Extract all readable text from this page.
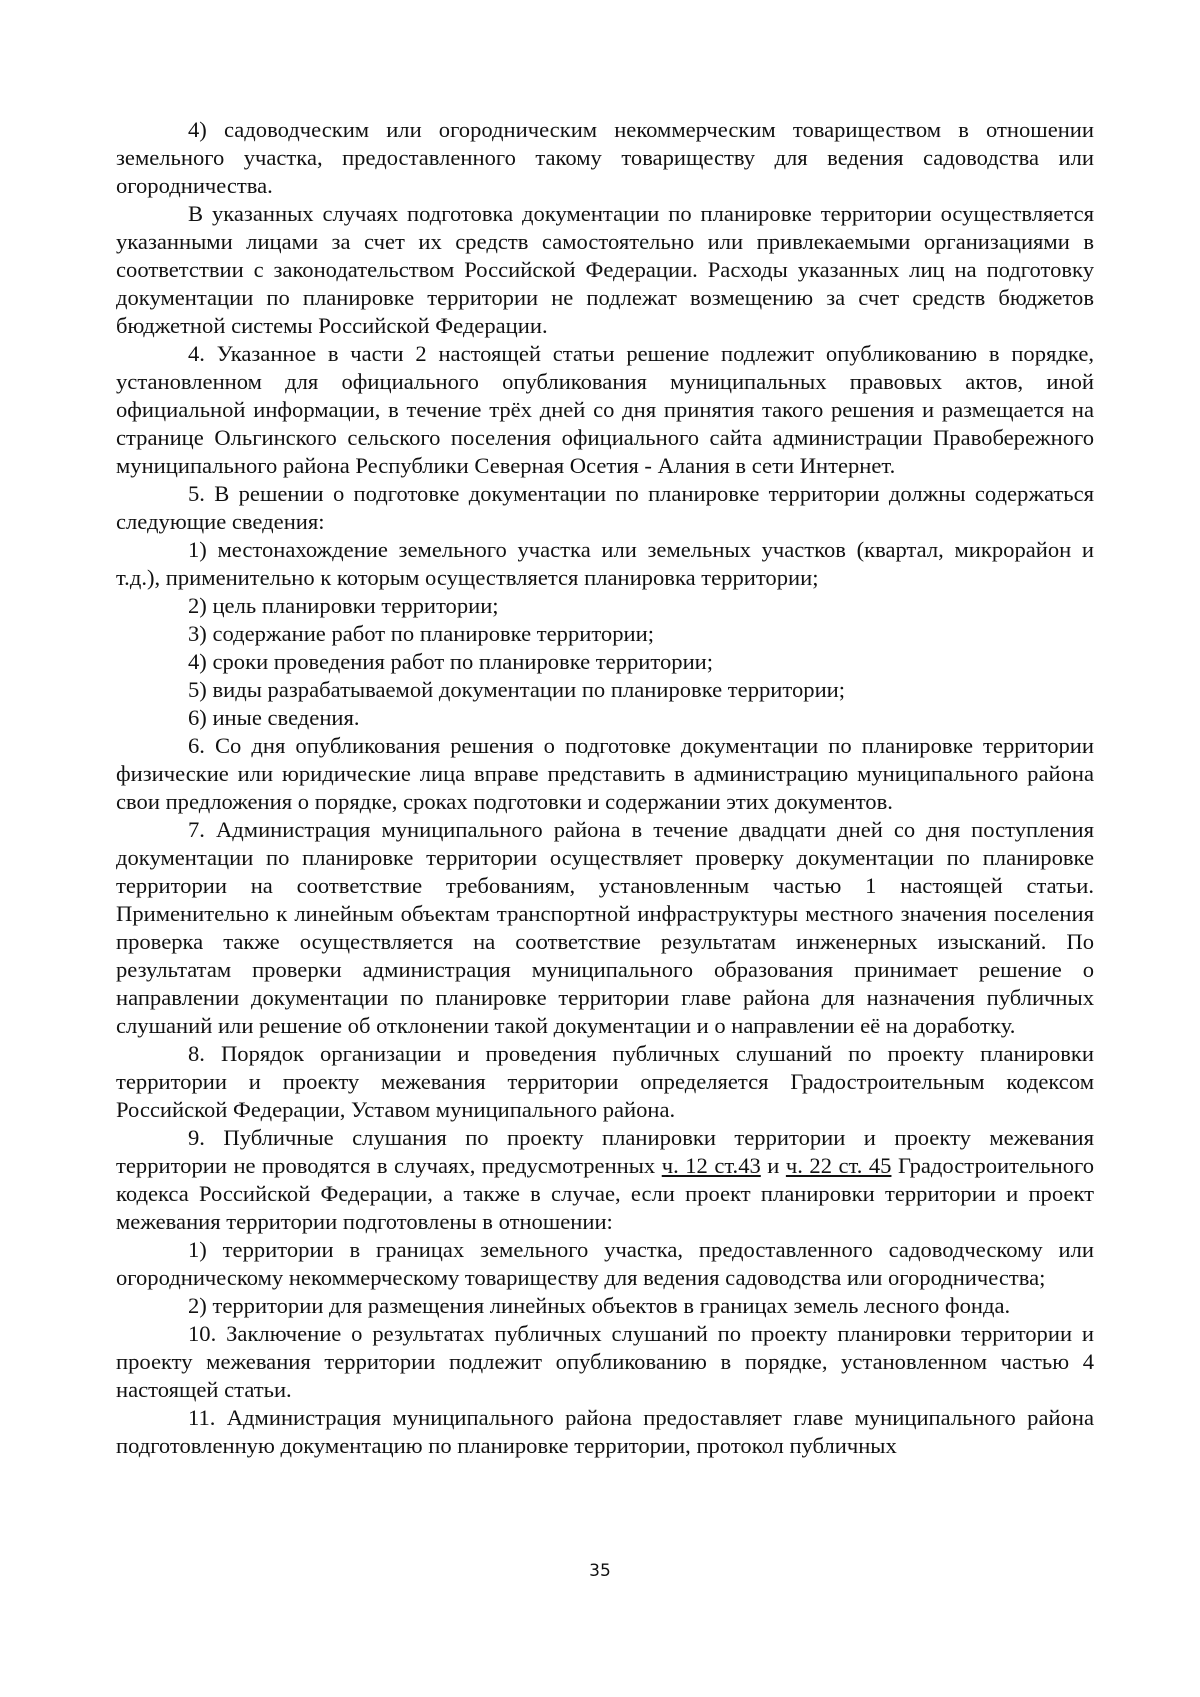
4) садоводческим или огородническим некоммерческим товариществом в отношении земельного участка, предоставленного такому товариществу для ведения садоводства или огородничества.

В указанных случаях подготовка документации по планировке территории осуществляется указанными лицами за счет их средств самостоятельно или привлекаемыми организациями в соответствии с законодательством Российской Федерации. Расходы указанных лиц на подготовку документации по планировке территории не подлежат возмещению за счет средств бюджетов бюджетной системы Российской Федерации.

4. Указанное в части 2 настоящей статьи решение подлежит опубликованию в порядке, установленном для официального опубликования муниципальных правовых актов, иной официальной информации, в течение трёх дней со дня принятия такого решения и размещается на странице Ольгинского сельского поселения официального сайта администрации Правобережного муниципального района Республики Северная Осетия - Алания в сети Интернет.

5. В решении о подготовке документации по планировке территории должны содержаться следующие сведения:

1) местонахождение земельного участка или земельных участков (квартал, микрорайон и т.д.), применительно к которым осуществляется планировка территории;

2) цель планировки территории;

3) содержание работ по планировке территории;

4) сроки проведения работ по планировке территории;

5) виды разрабатываемой документации по планировке территории;

6) иные сведения.

6. Со дня опубликования решения о подготовке документации по планировке территории физические или юридические лица вправе представить в администрацию муниципального района свои предложения о порядке, сроках подготовки и содержании этих документов.

7. Администрация муниципального района в течение двадцати дней со дня поступления документации по планировке территории осуществляет проверку документации по планировке территории на соответствие требованиям, установленным частью 1 настоящей статьи. Применительно к линейным объектам транспортной инфраструктуры местного значения поселения проверка также осуществляется на соответствие результатам инженерных изысканий. По результатам проверки администрация муниципального образования принимает решение о направлении документации по планировке территории главе района для назначения публичных слушаний или решение об отклонении такой документации и о направлении её на доработку.

8. Порядок организации и проведения публичных слушаний по проекту планировки территории и проекту межевания территории определяется Градостроительным кодексом Российской Федерации, Уставом муниципального района.

9. Публичные слушания по проекту планировки территории и проекту межевания территории не проводятся в случаях, предусмотренных ч. 12 ст.43 и ч. 22 ст. 45 Градостроительного кодекса Российской Федерации, а также в случае, если проект планировки территории и проект межевания территории подготовлены в отношении:

1) территории в границах земельного участка, предоставленного садоводческому или огородническому некоммерческому товариществу для ведения садоводства или огородничества;

2) территории для размещения линейных объектов в границах земель лесного фонда.

10. Заключение о результатах публичных слушаний по проекту планировки территории и проекту межевания территории подлежит опубликованию в порядке, установленном частью 4 настоящей статьи.

11. Администрация муниципального района предоставляет главе муниципального района подготовленную документацию по планировке территории, протокол публичных

35
